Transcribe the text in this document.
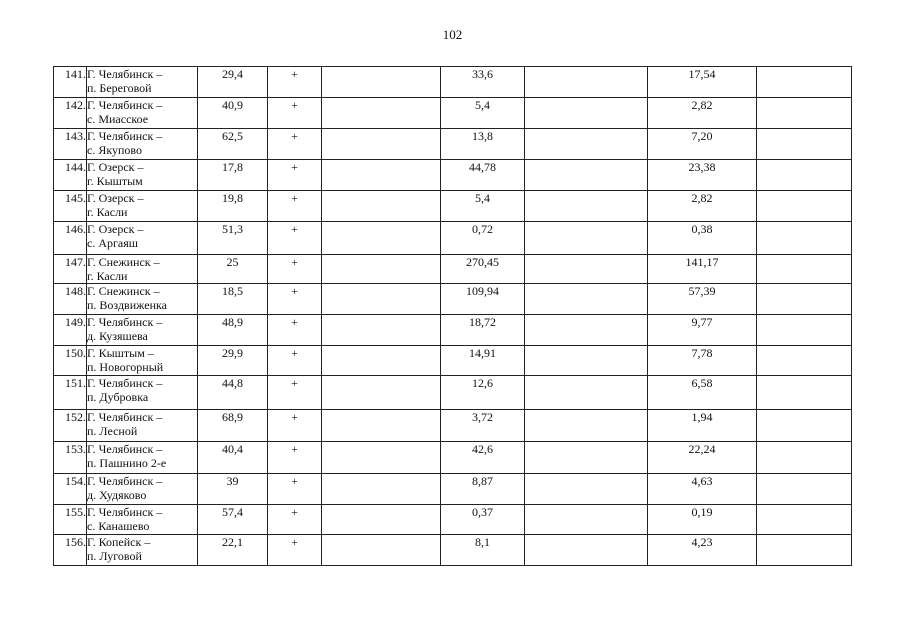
102
141.	Г. Челябинск –
п. Береговой	29,4	+		33,6		17,54	
142.	Г. Челябинск –
с. Миасское	40,9	+		5,4		2,82	
143.	Г. Челябинск –
с. Якупово	62,5	+		13,8		7,20	
144.	Г. Озерск –
г. Кыштым	17,8	+		44,78		23,38	
145.	Г. Озерск –
г. Касли	19,8	+		5,4		2,82	
146.	Г. Озерск –
с. Аргаяш	51,3	+		0,72		0,38	
147.	Г. Снежинск –
г. Касли	25	+		270,45		141,17	
148.	Г. Снежинск –
п. Воздвиженка	18,5	+		109,94		57,39	
149.	Г. Челябинск –
д. Кузяшева	48,9	+		18,72		9,77	
150.	Г. Кыштым –
п. Новогорный	29,9	+		14,91		7,78	
151.	Г. Челябинск –
п. Дубровка	44,8	+		12,6		6,58	
152.	Г. Челябинск –
п. Лесной	68,9	+		3,72		1,94	
153.	Г. Челябинск –
п. Пашнино 2-е	40,4	+		42,6		22,24	
154.	Г. Челябинск –
д. Худяково	39	+		8,87		4,63	
155.	Г. Челябинск –
с. Канашево	57,4	+		0,37		0,19	
156.	Г. Копейск –
п. Луговой	22,1	+		8,1		4,23	
